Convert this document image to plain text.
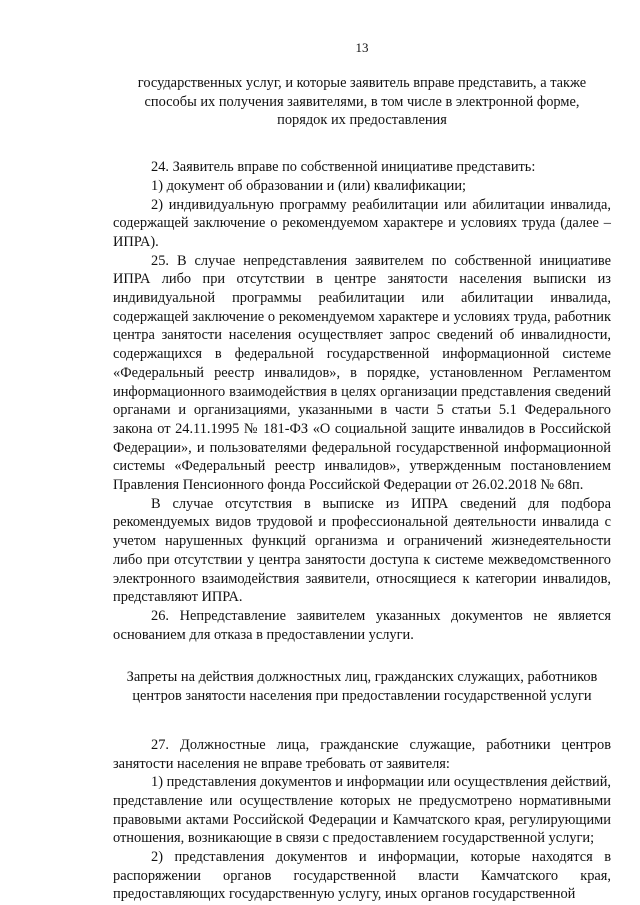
13

государственных услуг, и которые заявитель вправе представить, а также способы их получения заявителями, в том числе в электронной форме, порядок их предоставления

24. Заявитель вправе по собственной инициативе представить:

1) документ об образовании и (или) квалификации;

2) индивидуальную программу реабилитации или абилитации инвалида, содержащей заключение о рекомендуемом характере и условиях труда (далее – ИПРА).

25. В случае непредставления заявителем по собственной инициативе ИПРА либо при отсутствии в центре занятости населения выписки из индивидуальной программы реабилитации или абилитации инвалида, содержащей заключение о рекомендуемом характере и условиях труда, работник центра занятости населения осуществляет запрос сведений об инвалидности, содержащихся в федеральной государственной информационной системе «Федеральный реестр инвалидов», в порядке, установленном Регламентом информационного взаимодействия в целях организации представления сведений органами и организациями, указанными в части 5 статьи 5.1 Федерального закона от 24.11.1995 № 181-ФЗ «О социальной защите инвалидов в Российской Федерации», и пользователями федеральной государственной информационной системы «Федеральный реестр инвалидов», утвержденным постановлением Правления Пенсионного фонда Российской Федерации от 26.02.2018 № 68п.

В случае отсутствия в выписке из ИПРА сведений для подбора рекомендуемых видов трудовой и профессиональной деятельности инвалида с учетом нарушенных функций организма и ограничений жизнедеятельности либо при отсутствии у центра занятости доступа к системе межведомственного электронного взаимодействия заявители, относящиеся к категории инвалидов, представляют ИПРА.

26. Непредставление заявителем указанных документов не является основанием для отказа в предоставлении услуги.

Запреты на действия должностных лиц, гражданских служащих, работников центров занятости населения при предоставлении государственной услуги

27. Должностные лица, гражданские служащие, работники центров занятости населения не вправе требовать от заявителя:

1) представления документов и информации или осуществления действий, представление или осуществление которых не предусмотрено нормативными правовыми актами Российской Федерации и Камчатского края, регулирующими отношения, возникающие в связи с предоставлением государственной услуги;

2) представления документов и информации, которые находятся в распоряжении органов государственной власти Камчатского края, предоставляющих государственную услугу, иных органов государственной
